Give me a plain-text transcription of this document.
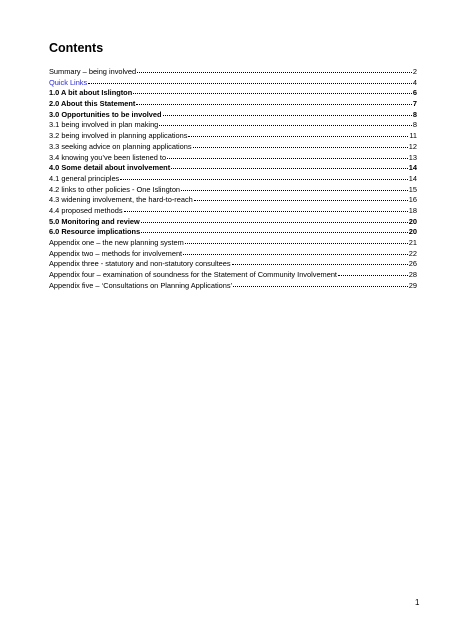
Contents
Summary – being involved	2
Quick Links	4
1.0 A bit about Islington	6
2.0 About this Statement	7
3.0 Opportunities to be involved	8
3.1 being involved in plan making	8
3.2 being involved in planning applications	11
3.3 seeking advice on planning applications	12
3.4 knowing you’ve been listened to	13
4.0 Some detail about involvement	14
4.1 general principles	14
4.2 links to other policies - One Islington	15
4.3 widening involvement, the hard-to-reach	16
4.4 proposed methods	18
5.0 Monitoring and review	20
6.0 Resource implications	20
Appendix one – the new planning system	21
Appendix two – methods for involvement	22
Appendix three - statutory and non-statutory consultees	26
Appendix four – examination of soundness for the Statement of Community Involvement	28
Appendix five – ‘Consultations on Planning Applications’	29
1
